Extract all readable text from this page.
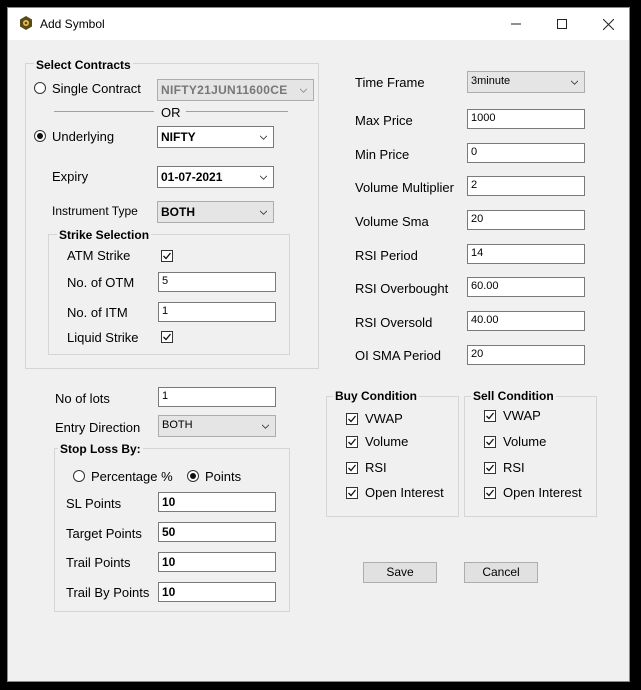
Add Symbol
Select Contracts
Single Contract	NIFTY21JUN11600CE
OR
Underlying	NIFTY
Expiry	01-07-2021
Instrument Type	BOTH
Strike Selection
ATM Strike
No. of OTM	5
No. of ITM	1
Liquid Strike
Time Frame	3minute
Max Price	1000
Min Price	0
Volume Multiplier	2
Volume Sma	20
RSI Period	14
RSI Overbought	60.00
RSI Oversold	40.00
OI SMA Period	20
No of lots	1
Entry Direction	BOTH
Stop Loss By:
Percentage % Points
SL Points	10
Target Points	50
Trail Points	10
Trail By Points	10
Buy Condition
VWAP
Volume
RSI
Open Interest
Sell Condition
VWAP
Volume
RSI
Open Interest
Save	Cancel
